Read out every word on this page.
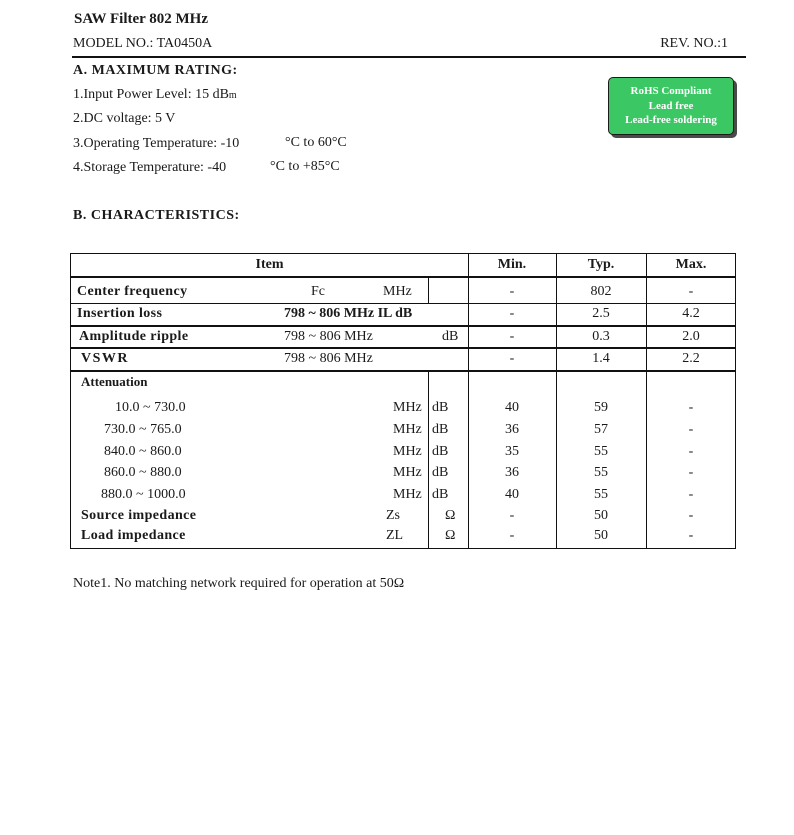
SAW Filter 802 MHz
MODEL NO.: TA0450A	REV. NO.:1
A. MAXIMUM RATING:
1.Input Power Level: 15 dBm
2.DC voltage: 5 V
3.Operating Temperature: -10	°C to 60°C
4.Storage Temperature: -40	°C to +85°C
RoHS Compliant
Lead free
Lead-free soldering
B. CHARACTERISTICS:
Item	Min.	Typ.	Max.
Center frequency	Fc	MHz	-	802	-
Insertion loss	798 ~ 806 MHz IL dB	-	2.5	4.2
Amplitude ripple	798 ~ 806 MHz	dB	-	0.3	2.0
VSWR	798 ~ 806 MHz	-	1.4	2.2
Attenuation
10.0 ~ 730.0	MHz dB	40	59	-
730.0 ~ 765.0	MHz dB	36	57	-
840.0 ~ 860.0	MHz dB	35	55	-
860.0 ~ 880.0	MHz dB	36	55	-
880.0 ~ 1000.0	MHz dB	40	55	-
Source impedance	Zs	Ω	-	50	-
Load impedance	ZL	Ω	-	50	-
Note1. No matching network required for operation at 50Ω
